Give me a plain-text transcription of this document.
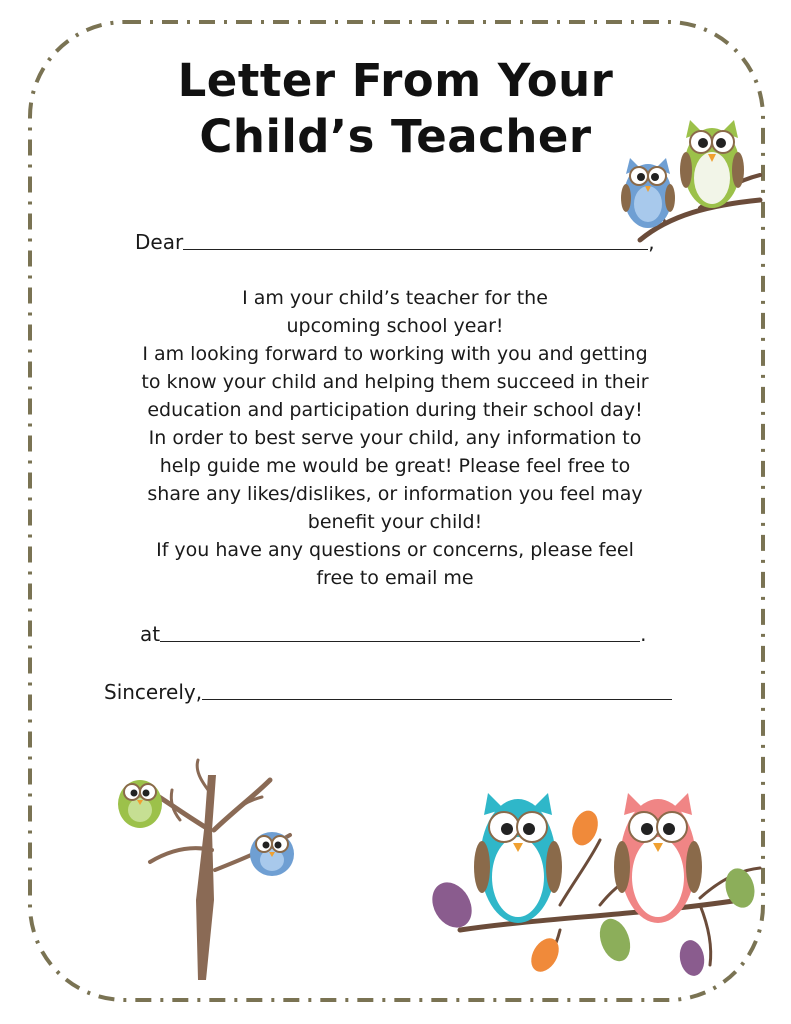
Letter From Your
Child’s Teacher
Dear	,
I am your child’s teacher for the
upcoming school year!
I am looking forward to working with you and getting
to know your child and helping them succeed in their
education and participation during their school day!
In order to best serve your child, any information to
help guide me would be great! Please feel free to
share any likes/dislikes, or information you feel may
benefit your child!
If you have any questions or concerns, please feel
free to email me
at	.
Sincerely,
